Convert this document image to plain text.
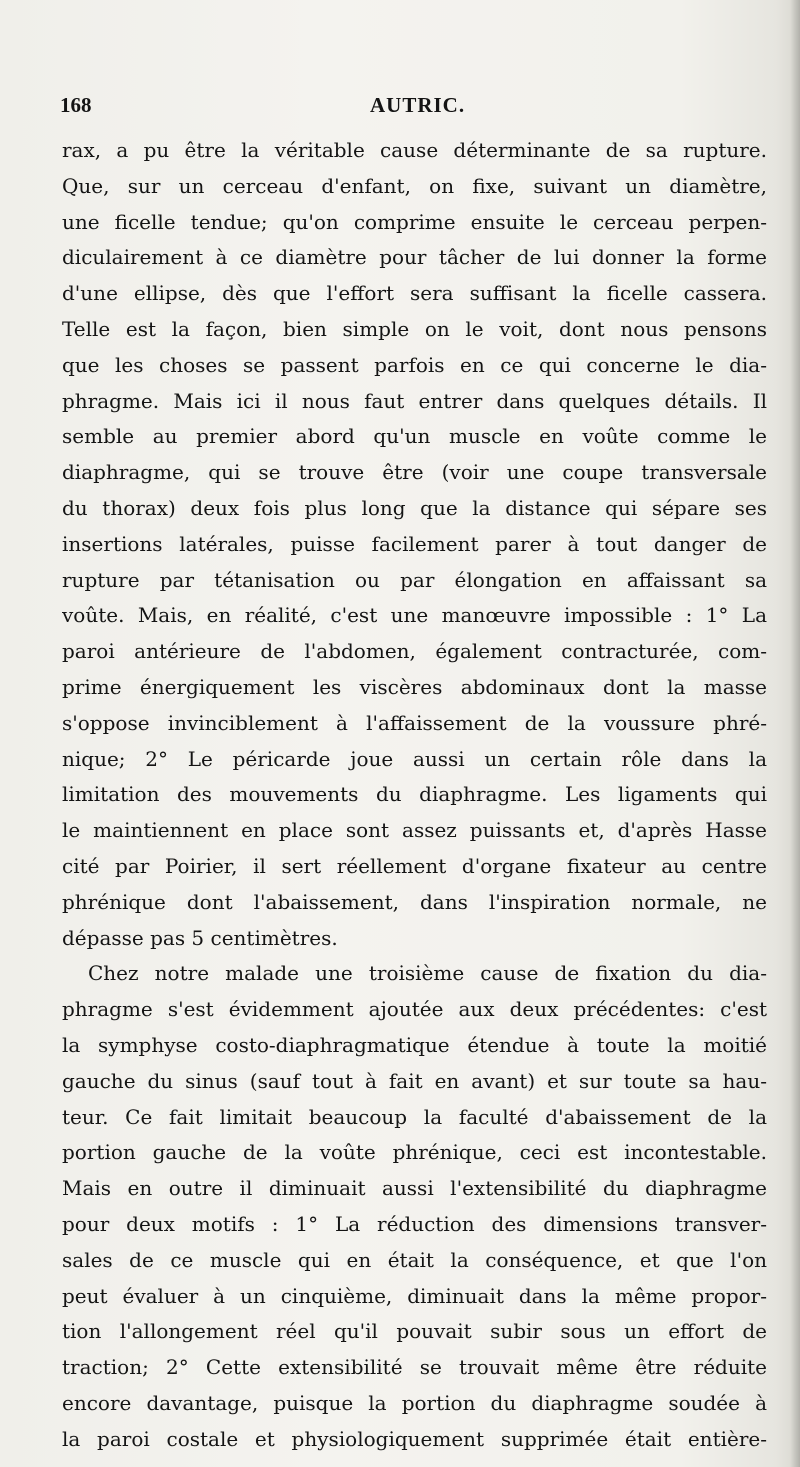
168	AUTRIC.
rax, a pu être la véritable cause déterminante de sa rupture.
Que, sur un cerceau d'enfant, on fixe, suivant un diamètre,
une ficelle tendue; qu'on comprime ensuite le cerceau perpen-
diculairement à ce diamètre pour tâcher de lui donner la forme
d'une ellipse, dès que l'effort sera suffisant la ficelle cassera.
Telle est la façon, bien simple on le voit, dont nous pensons
que les choses se passent parfois en ce qui concerne le dia-
phragme. Mais ici il nous faut entrer dans quelques détails. Il
semble au premier abord qu'un muscle en voûte comme le
diaphragme, qui se trouve être (voir une coupe transversale
du thorax) deux fois plus long que la distance qui sépare ses
insertions latérales, puisse facilement parer à tout danger de
rupture par tétanisation ou par élongation en affaissant sa
voûte. Mais, en réalité, c'est une manœuvre impossible : 1° La
paroi antérieure de l'abdomen, également contracturée, com-
prime énergiquement les viscères abdominaux dont la masse
s'oppose invinciblement à l'affaissement de la voussure phré-
nique; 2° Le péricarde joue aussi un certain rôle dans la
limitation des mouvements du diaphragme. Les ligaments qui
le maintiennent en place sont assez puissants et, d'après Hasse
cité par Poirier, il sert réellement d'organe fixateur au centre
phrénique dont l'abaissement, dans l'inspiration normale, ne
dépasse pas 5 centimètres.
Chez notre malade une troisième cause de fixation du dia-
phragme s'est évidemment ajoutée aux deux précédentes: c'est
la symphyse costo-diaphragmatique étendue à toute la moitié
gauche du sinus (sauf tout à fait en avant) et sur toute sa hau-
teur. Ce fait limitait beaucoup la faculté d'abaissement de la
portion gauche de la voûte phrénique, ceci est incontestable.
Mais en outre il diminuait aussi l'extensibilité du diaphragme
pour deux motifs : 1° La réduction des dimensions transver-
sales de ce muscle qui en était la conséquence, et que l'on
peut évaluer à un cinquième, diminuait dans la même propor-
tion l'allongement réel qu'il pouvait subir sous un effort de
traction; 2° Cette extensibilité se trouvait même être réduite
encore davantage, puisque la portion du diaphragme soudée à
la paroi costale et physiologiquement supprimée était entière-
